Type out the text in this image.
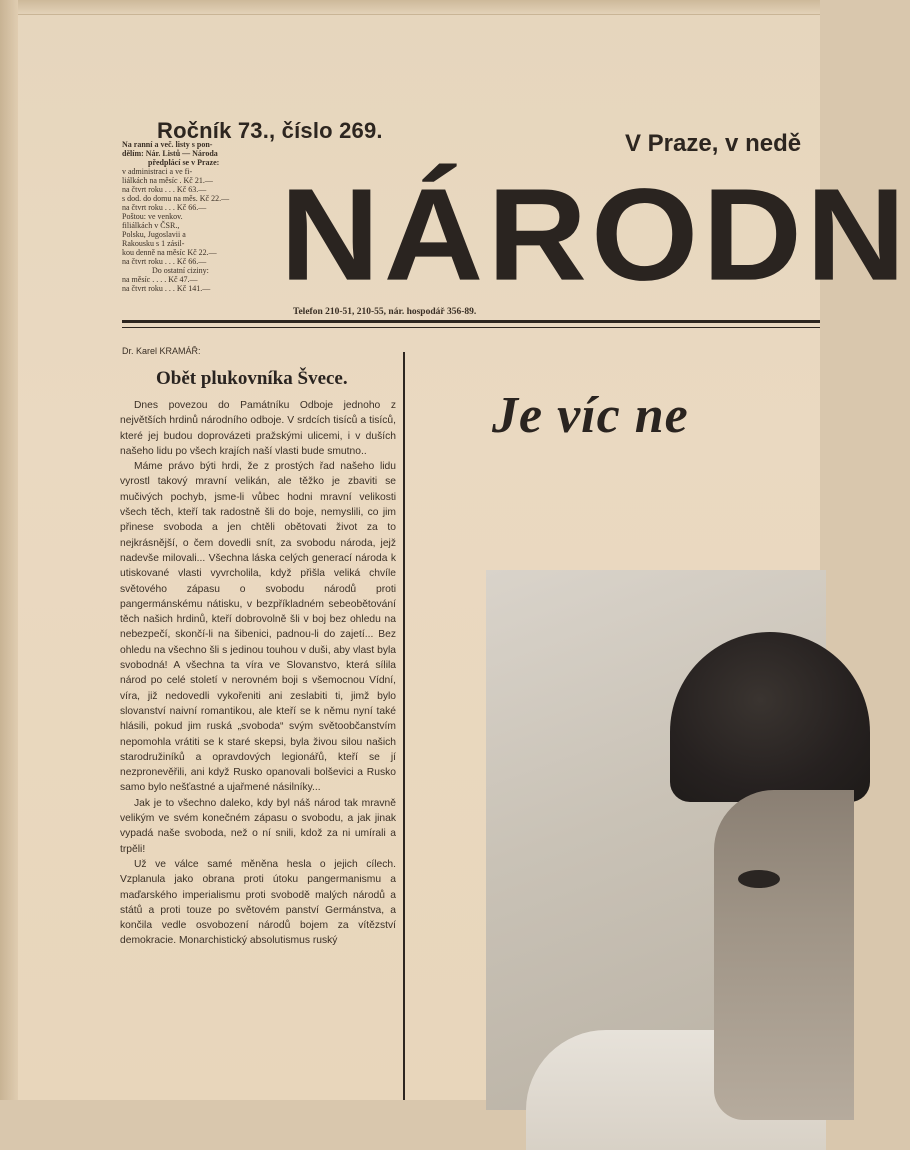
Ročník 73., číslo 269.	V Praze, v nedě
Na ranní a več. listy s pon-
dělím: Nár. Listů — Národa
předplácí se v Praze:
v administraci a ve fi-
liálkách na měsíc . Kč 21.—
na čtvrt roku . . . Kč 63.—
s dod. do domu na měs. Kč 22.—
na čtvrt roku . . . Kč 66.—
Poštou: ve venkov.
filiálkách v ČSR.,
Polsku, Jugoslavii a
Rakousku s 1 zásil-
kou denně na měsíc Kč 22.—
na čtvrt roku . . . Kč 66.—
Do ostatní ciziny:
na měsíc . . . . Kč 47.—
na čtvrt roku . . . Kč 141.— NÁRODN
Telefon 210-51, 210-55, nár. hospodář 356-89.
Dr. Karel KRAMÁŘ:
Obět plukovníka Švece.

Dnes povezou do Památníku Odboje jednoho z největších hrdinů národního odboje. V srdcích tisíců a tisíců, které jej budou doprovázeti pražskými ulicemi, i v duších našeho lidu po všech krajích naší vlasti bude smutno..

Máme právo býti hrdi, že z prostých řad našeho lidu vyrostl takový mravní velikán, ale těžko je zbaviti se mučivých pochyb, jsme-li vůbec hodni mravní velikosti všech těch, kteří tak radostně šli do boje, nemyslili, co jim přinese svoboda a jen chtěli obětovati život za to nejkrásnější, o čem dovedli snít, za svobodu národa, jejž nadevše milovali... Všechna láska celých generací národa k utiskované vlasti vyvrcholila, když přišla veliká chvíle světového zápasu o svobodu národů proti pangermánskému nátisku, v bezpříkladném sebeobětování těch našich hrdinů, kteří dobrovolně šli v boj bez ohledu na nebezpečí, skončí-li na šibenici, padnou-li do zajetí... Bez ohledu na všechno šli s jedinou touhou v duši, aby vlast byla svobodná! A všechna ta víra ve Slovanstvo, která sílila národ po celé století v nerovném boji s všemocnou Vídní, víra, již nedovedli vykořeniti ani zeslabiti ti, jimž bylo slovanství naivní romantikou, ale kteří se k němu nyní také hlásili, pokud jim ruská „svoboda“ svým světoobčanstvím nepomohla vrátiti se k staré skepsi, byla živou silou našich starodružiníků a opravdových legionářů, kteří se jí nezpronevěřili, ani když Rusko opanovali bolševici a Rusko samo bylo nešťastné a ujařmené násilníky...

Jak je to všechno daleko, kdy byl náš národ tak mravně velikým ve svém konečném zápasu o svobodu, a jak jinak vypadá naše svoboda, než o ní snili, kdož za ni umírali a trpěli!

Už ve válce samé měněna hesla o jejich cílech. Vzplanula jako obrana proti útoku pangermanismu a maďarského imperialismu proti svobodě malých národů a států a proti touze po světovém panství Germánstva, a končila vedle osvobození národů bojem za vítězství demokracie. Monarchistický absolutismus ruský

Je víc ne
